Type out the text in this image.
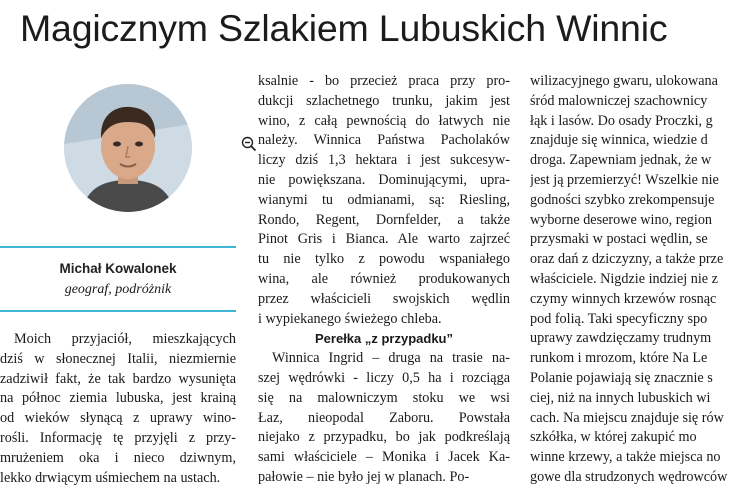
Magicznym Szlakiem Lubuskich Winnic
Michał Kowalonek
geograf, podróżnik
Moich przyjaciół, mieszkających
dziś w słonecznej Italii, niezmiernie
zadziwił fakt, że tak bardzo wysunięta
na północ ziemia lubuska, jest krainą
od wieków słynącą z uprawy wino-
rośli. Informację tę przyjęli z przy-
mrużeniem oka i nieco dziwnym,
lekko drwiącym uśmiechem na ustach.
ksalnie - bo przecież praca przy pro-
dukcji szlachetnego trunku, jakim jest
wino, z całą pewnością do łatwych nie
należy. Winnica Państwa Pacholaków
liczy dziś 1,3 hektara i jest sukcesyw-
nie powiększana. Dominującymi, upra-
wianymi tu odmianami, są: Riesling,
Rondo, Regent, Dornfelder, a także
Pinot Gris i Bianca. Ale warto zajrzeć
tu nie tylko z powodu wspaniałego
wina, ale również produkowanych
przez właścicieli swojskich wędlin
i wypiekanego świeżego chleba.
Perełka „z przypadku”
Winnica Ingrid – druga na trasie na-
szej wędrówki - liczy 0,5 ha i rozciąga
się na malowniczym stoku we wsi
Łaz, nieopodal Zaboru. Powstała
niejako z przypadku, bo jak podkreślają
sami właściciele – Monika i Jacek Ka-
pałowie – nie było jej w planach. Po-
wilizacyjnego gwaru, ulokowana
śród malowniczej szachownicy
łąk i lasów. Do osady Proczki, g
znajduje się winnica, wiedzie d
droga. Zapewniam jednak, że w
jest ją przemierzyć! Wszelkie nie
godności szybko zrekompensuje
wyborne deserowe wino, region
przysmaki w postaci wędlin, se
oraz dań z dziczyzny, a także prze
właściciele. Nigdzie indziej nie z
czymy winnych krzewów rosnąc
pod folią. Taki specyficzny spo
uprawy zawdzięczamy trudnym
runkom i mrozom, które Na Le
Polanie pojawiają się znacznie s
ciej, niż na innych lubuskich wi
cach. Na miejscu znajduje się rów
szkółka, w której zakupić mo
winne krzewy, a także miejsca no
gowe dla strudzonych wędrowców
